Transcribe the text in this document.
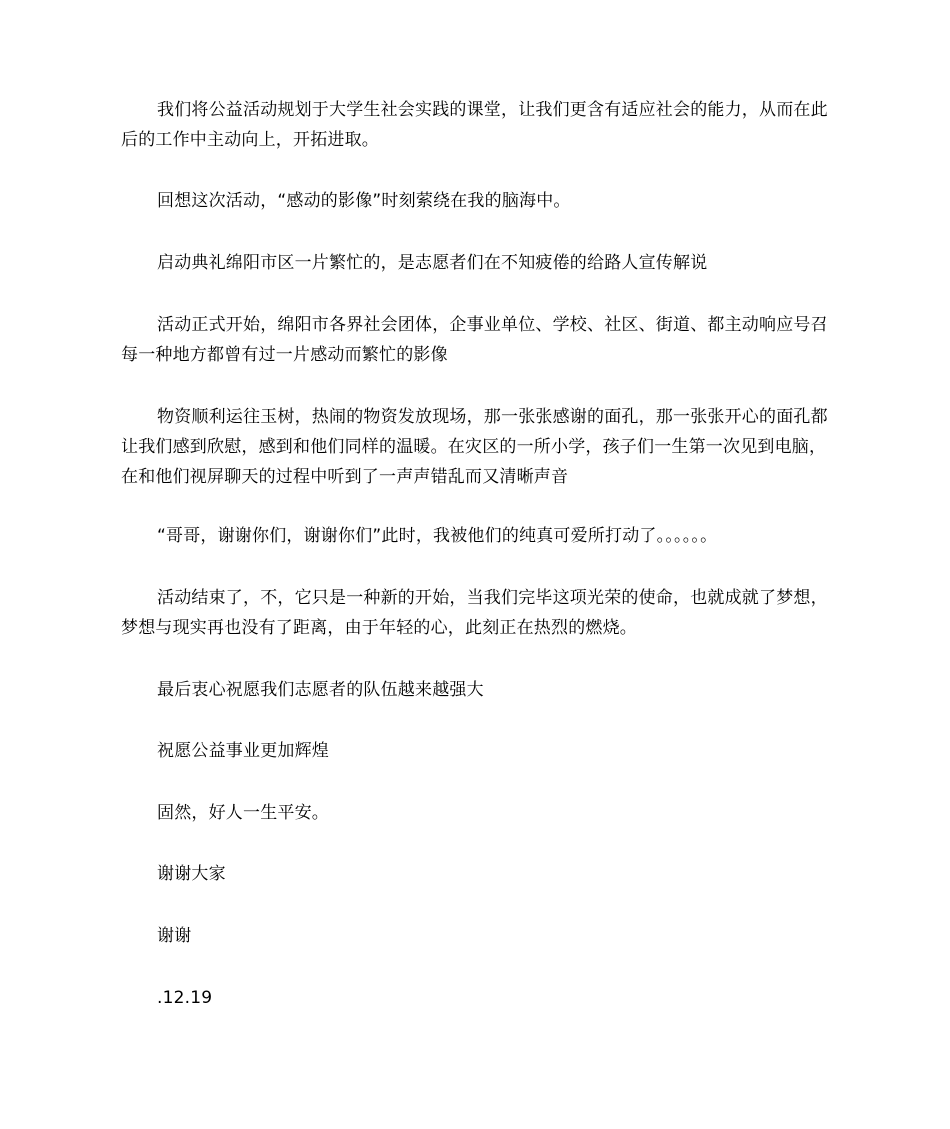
我们将公益活动规划于大学生社会实践的课堂，让我们更含有适应社会的能力，从而在此后的工作中主动向上，开拓进取。

回想这次活动，“感动的影像”时刻萦绕在我的脑海中。

启动典礼绵阳市区一片繁忙的，是志愿者们在不知疲倦的给路人宣传解说

活动正式开始，绵阳市各界社会团体，企事业单位、学校、社区、街道、都主动响应号召每一种地方都曾有过一片感动而繁忙的影像

物资顺利运往玉树，热闹的物资发放现场，那一张张感谢的面孔，那一张张开心的面孔都让我们感到欣慰，感到和他们同样的温暖。在灾区的一所小学，孩子们一生第一次见到电脑，在和他们视屏聊天的过程中听到了一声声错乱而又清晰声音

“哥哥，谢谢你们，谢谢你们”此时，我被他们的纯真可爱所打动了。。。。。。

活动结束了，不，它只是一种新的开始，当我们完毕这项光荣的使命，也就成就了梦想，梦想与现实再也没有了距离，由于年轻的心，此刻正在热烈的燃烧。

最后衷心祝愿我们志愿者的队伍越来越强大

祝愿公益事业更加辉煌

固然，好人一生平安。

谢谢大家

谢谢

.12.19
